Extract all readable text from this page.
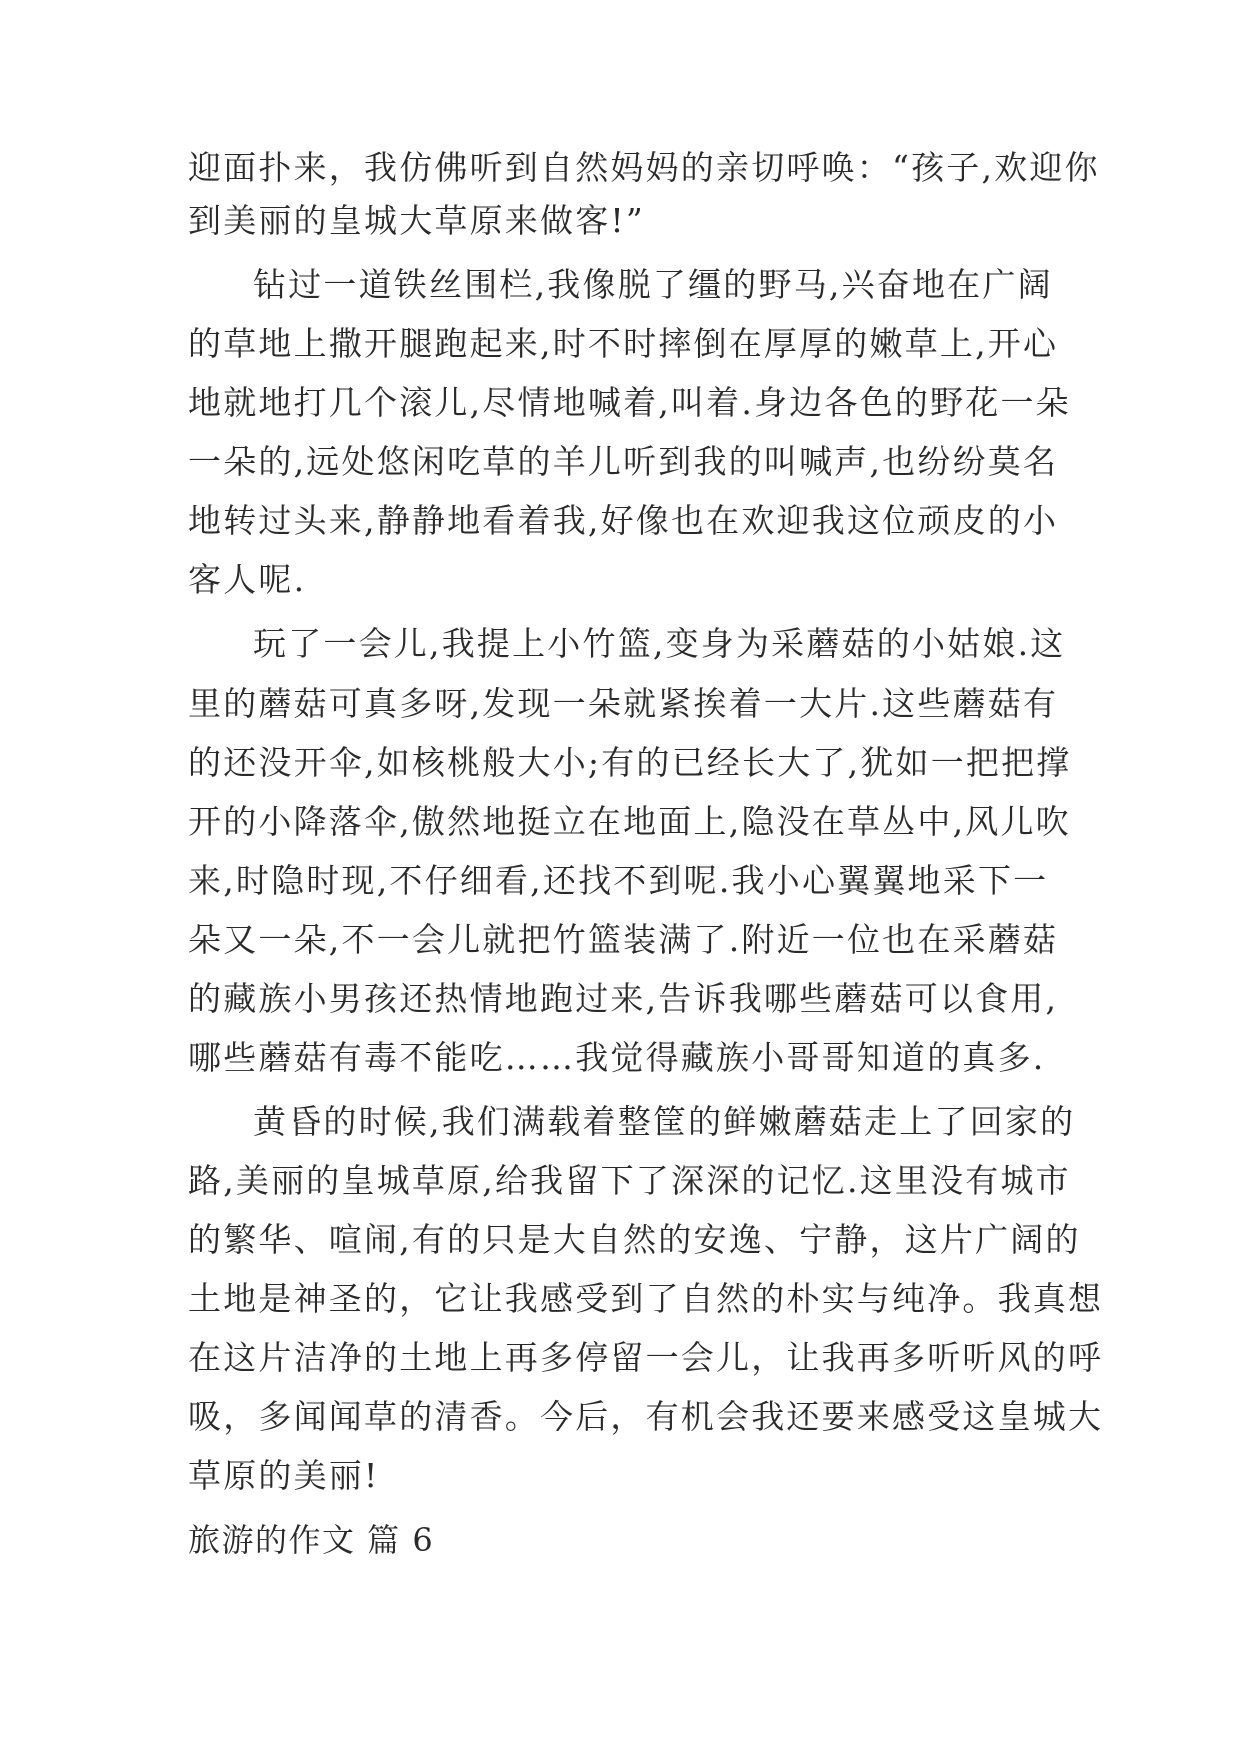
迎面扑来，我仿佛听到自然妈妈的亲切呼唤：“孩子,欢迎你
到美丽的皇城大草原来做客!”
钻过一道铁丝围栏,我像脱了缰的野马,兴奋地在广阔
的草地上撒开腿跑起来,时不时摔倒在厚厚的嫩草上,开心
地就地打几个滚儿,尽情地喊着,叫着.身边各色的野花一朵
一朵的,远处悠闲吃草的羊儿听到我的叫喊声,也纷纷莫名
地转过头来,静静地看着我,好像也在欢迎我这位顽皮的小
客人呢.
玩了一会儿,我提上小竹篮,变身为采蘑菇的小姑娘.这
里的蘑菇可真多呀,发现一朵就紧挨着一大片.这些蘑菇有
的还没开伞,如核桃般大小;有的已经长大了,犹如一把把撑
开的小降落伞,傲然地挺立在地面上,隐没在草丛中,风儿吹
来,时隐时现,不仔细看,还找不到呢.我小心翼翼地采下一
朵又一朵,不一会儿就把竹篮装满了.附近一位也在采蘑菇
的藏族小男孩还热情地跑过来,告诉我哪些蘑菇可以食用,
哪些蘑菇有毒不能吃……我觉得藏族小哥哥知道的真多.
黄昏的时候,我们满载着整筐的鲜嫩蘑菇走上了回家的
路,美丽的皇城草原,给我留下了深深的记忆.这里没有城市
的繁华、喧闹,有的只是大自然的安逸、宁静，这片广阔的
土地是神圣的，它让我感受到了自然的朴实与纯净。我真想
在这片洁净的土地上再多停留一会儿，让我再多听听风的呼
吸，多闻闻草的清香。今后，有机会我还要来感受这皇城大
草原的美丽!
旅游的作文 篇 6
